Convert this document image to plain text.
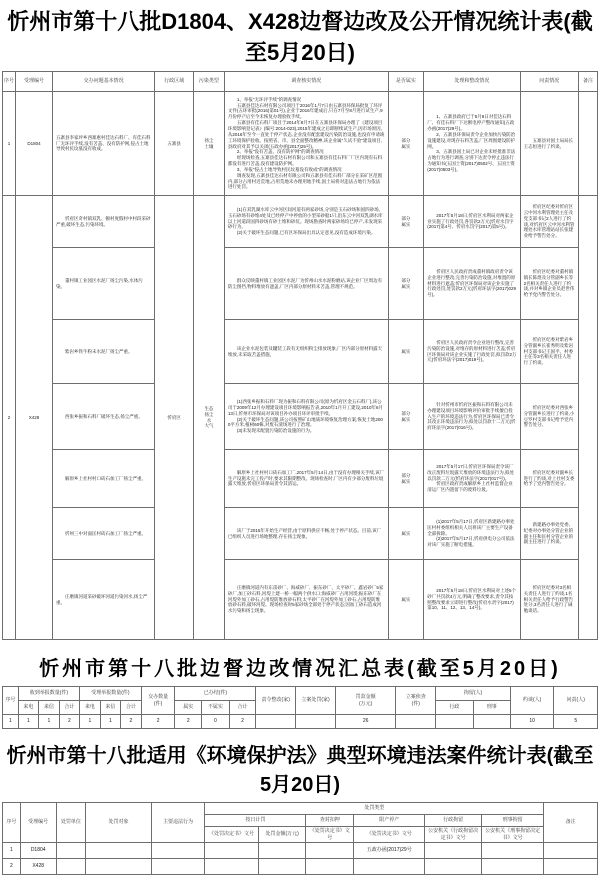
忻州市第十八批D1804、X428边督边改及公开情况统计表(截至5月20日)
序号	受理编号	交办问题基本情况	行政区域	污染类型	调查核实情况	是否属实	处理和整改情况	问责情况	备注
1	D1804	五寨县李家坪乡西寨惠村佳达石料厂、有佳石料厂无环评手续,没有苫盖、没有防护网,侵占土地导致村民坟墓没有收成。	五寨县	扬尘
土壤	　　1、举报"无环评手续"的调查情况
　　五寨县佳达石材有限公司项目于2016年1月7日由五寨县环保局批复了环评文件(五环审批(2016)第01号),企业于2016年建成后,只在7月至8月进行试生产,9月份停产后至今未恢复办理验收手续。
　　五寨县有佳石料厂项目于2014年8月7日在五寨县环保局办理了《建设项目环境影响登记表》(编号:2014-023),2015年建成之后即断续试生产,因市场原因,从2016年至今一直处于停产状态,企业没有配套建设污染防治设施,也没有申请竣工环境保护验收。按照省、市、县全面整改精神,该企业属"久试不验"建设项目,县政府对其予以关闭(五政办函(2017)25号)。
　　2、举报"没有苫盖、没有防护网"的调查情况
　　经现场检查,五寨县佳达石材有限公司和五寨县有佳石料厂厂区内现有石料都没有进行苫盖,没有建设防护网。
　　3、举报"侵占土地导致村民坟墓没有收成"的调查情况
　　调查发现,五寨县佳达石材有限公司和五寨县有佳石料厂部分在采矿区范围内,部分占用村近荒地,占用荒地未办理用地手续,国土局将对违法占地行为依法进行处罚。	部分
属实	　　1、五寨县政府已于5月8日对佳达石料厂、有佳石料厂下达断电停产整改通知(五政办函(2017)29号)。
　　2、五寨县环保局责令企业加快污染防治设施建设,对现存石料苫盖,厂区周围建设防护网。
　　3、五寨县国土局已对企业未经批准非法占地行为进行调查,分别下达责令停止违法行为通知书(五国土资(2017)0502号、五国土资(2017)0503号)。	　　五寨县对国土局局长王志恒进行了约谈。	
2	X428	　　忻府区奇村镇双乳、顿村度假村中村段采砂严重,破坏生态,污染环境。	忻府区	生态
扬尘
水
大气	　　(1)在双乳湖水库云中河区间河道有两家砂场,分别是玉石砂场和国四砂场。玉石砂场有砂堆4处及已经停产中停放的小型采砂船1只,沿东云中河双乳湖水库以上河道段国四砂场有砂土堆和砂坑。现场勘查时两家砂场均已停产,未发现采砂行为。
　　(2)关于破坏生态问题,已有区环保局出具认定意见,没有造成环境污染。	部分
属实	　　2017年5月18日,忻府区水利局对两家企业实施了行政处罚,各罚款2万元(忻府水罚字(2017)第4号、忻府水罚字(2017)第5号)。	　　忻府区纪委对忻府区云中河水利管理处主任及党支部书记2人进行了约谈,对忻府区云中河水利管理处水库管理站站长张建业给予警告处分。	
		　　董村镇工业园区水泥厂扬尘污染,水体污染。			　　群众反映董村镇工业园区水泥厂为忻州山水水泥粉磨站,该企业厂区周边有防尘围挡,物料堆放有遮盖,厂区内部分原材料未苫盖,管理不规范。	部分
属实	　　忻府区人民政府责成董村镇政府责令该企业进行整改,完善污染防治设施,对堆置的原材料进行遮盖;忻府区环保局对该企业实施了行政处罚,处罚款2万元(忻府环法字(2017)029号)。	　　忻府区纪委对董村镇镇长陈煜及分管副乡长等2名相关责任人进行了约谈,并对乡镇企业员赵世伟给予党内警告处分。	
		　　紫岩乡铁牛粉末水泥厂扬尘严重。			　　该企业水泥包装及罐装工段有无组织粉尘排放现象,厂区内部分原材料露天堆放,未采取苫盖措施。	属实	　　忻府区人民政府责令企业进行整改,完善污染防治设施,对堆存的原材料进行苫盖;忻府区环保局对该企业实施了行政处罚,拟罚款2万元(忻府环法字(2017)019号)。	　　忻府区纪委对紫岩乡分管副乡长崔秀明及紫岩村支部书记王国平、村委主任等3名相关责任人进行了约谈。	
		　　西张乡振和石料厂破坏生态,扬尘严重。			　　(1)西张乡振和石料厂现为振和石料有限公司(原为忻府区金五石料厂),该公司于2009年12月办理建设项目环境影响报告表,2010年1月开工建设,2010年6月13日,忻州市环保局对该项目补办项目环评审批手续。
　　(2)关于破坏生态问题,该公司按照矿山地质环境恢复治理方案,恢复土地2000平方米,植树60株,对废石渣场进行了治理。
　　(3)未发现未配置污染防治设施的行为。	部分
属实	　　针对忻州市忻府区振和石料有限公司未办理建设项目环境影响评价审批手续擅自投入生产的环境违法行为,忻府区环保局已责令其改正环境违法行为,拟处以罚款十二万元(忻府环法字(2017)016号)。	　　忻府区纪委对西张乡分管副乡长进行了约谈,小豆罗村支部书记给予党内警告处分。	
		　　解原乡上社村村口砖石加工厂扬尘严重。			　　解原乡上社村村口砖石加工厂,2017年5月14日,由于没有办理相关手续,该厂生产设施未完工投产时,要求其限期整改。现场检查时,厂区内有少部分废料垃圾露天堆放,忻府区环保局责令其清运。	部分
属实	　　2017年5月17日,忻府区环保局责令该厂改正废料垃圾露天堆放的环境违法行为,拟处以罚款二万元(忻府环法字(2017)017号)。
　　忻府区政府责成解原乡上社村监督企业清运厂区内遗留下的废料垃圾。	　　忻府区纪委对副乡长进行了约谈,对上社村支委给予了党内警告处分。	
		　　忻州三中对面匡村砖石加工厂扬尘严重。			　　该厂于2015年开始生产经营,由于原料供应不畅,处于停产状态。目前,该厂已组织人员进行场地整理,存在扬尘现象。	属实	　　(1)2017年5月17日,忻府区新建路办事处匡村村委组织相关人员将该厂主要生产设备全部拆除。
　　(2)2017年5月17日,忻府供电分公司依法对该厂实施了断电措施。	　　新建路办事处党委、纪委对办事处分管企业的副主任和匡村分管企业的副主任进行了约谈。	
		　　庄磨镇河道采砂破坏河道污染河水,扬尘严重。			　　庄磨镇河道内有东雷砂厂、海威砂厂、振东砂厂、太平砂厂、鑫岩砂厂5家砂厂,加工砂石料,河堤上建一桥一幅两个供水口;海威砂厂占用河堤;振东砂厂在河堤外加工砂石,占用堤防堆放砂石料;太平砂厂在河堤外加工砂石,占用堤防堆放砂石料,破坏河堤。现场检查时5家砂场全部处于停产状态;因加工砂石造成河水污染和扬尘现象。	属实	　　2017年5月18日,忻府区水利局对上述5个砂厂共罚款4万元,明确了整改要求,责令其按照整改要求立即进行整改(忻府水责字(2017)第10、11、12、13、14号)。	　　忻府区纪委对3名相关责任人进行了约谈,1名相关责任人给予行政警告处分,3名责任人进行了诫勉谈话。	
忻州市第十八批边督边改情况汇总表(截至5月20日)
序号	收到举报数量(件)			受理举报数量(件)			交办数量
(件)	已办结(件)			责令整改(家)	立案处罚(家)	罚款金额
(万元)	立案侦查
(件)	拘留(人)		约谈(人)	问责(人)
	来电	来信	合计	来电	来信	合计		属实	不属实	合计					行政	刑事		
1	1	1	2	1	1	2	2	2	0	2			26				10	5
忻州市第十八批适用《环境保护法》典型环境违法案件统计表(截至5月20日)
序号	受理编号	处罚单位	处罚对象	主要违法行为	处罚类型						备注
					按日计罚		查封扣押	限产停产	行政拘留	刑事拘留	
					《处罚决定书》文号	处罚金额(万元)	《处罚决定书》文号	《处罚决定书》文号	公安机关《行政拘留决定书》文号	公安机关《刑事拘留决定书》文号	
1	D1804							五政办函(2017)29号			
2	X428										
